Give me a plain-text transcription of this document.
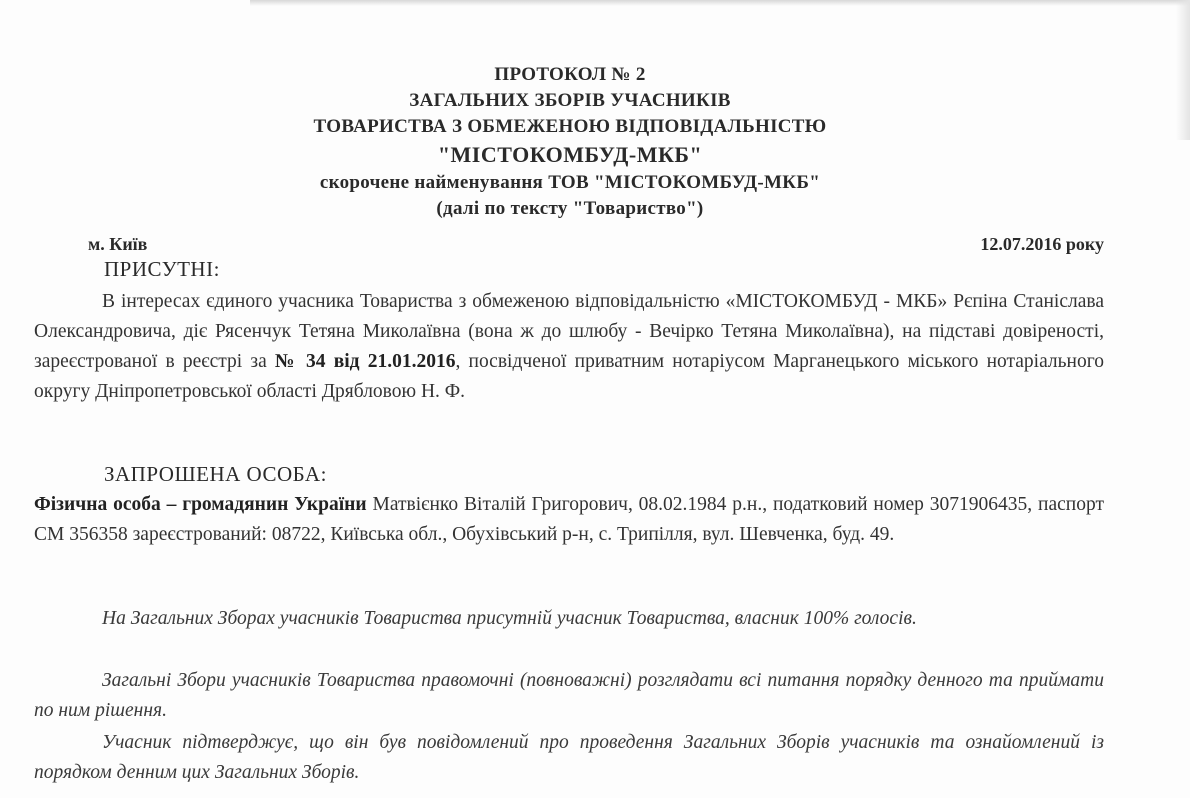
ПРОТОКОЛ № 2
ЗАГАЛЬНИХ ЗБОРІВ УЧАСНИКІВ
ТОВАРИСТВА З ОБМЕЖЕНОЮ ВІДПОВІДАЛЬНІСТЮ
"МІСТОКОМБУД-МКБ"
скорочене найменування ТОВ "МІСТОКОМБУД-МКБ"
(далі по тексту "Товариство")
м. Київ	12.07.2016 року
ПРИСУТНІ:
В інтересах єдиного учасника Товариства з обмеженою відповідальністю «МІСТОКОМБУД - МКБ» Рєпіна Станіслава Олександровича, діє Рясенчук Тетяна Миколаївна (вона ж до шлюбу - Вечірко Тетяна Миколаївна), на підставі довіреності, зареєстрованої в реєстрі за № 34 від 21.01.2016, посвідченої приватним нотаріусом Марганецького міського нотаріального округу Дніпропетровської області Дрябловою Н. Ф.
ЗАПРОШЕНА ОСОБА:
Фізична особа – громадянин України Матвієнко Віталій Григорович, 08.02.1984 р.н., податковий номер 3071906435, паспорт СМ 356358 зареєстрований: 08722, Київська обл., Обухівський р-н, с. Трипілля, вул. Шевченка, буд. 49.
На Загальних Зборах учасників Товариства присутній учасник Товариства, власник 100% голосів.
Загальні Збори учасників Товариства правомочні (повноважні) розглядати всі питання порядку денного та приймати по ним рішення.
Учасник підтверджує, що він був повідомлений про проведення Загальних Зборів учасників та ознайомлений із порядком денним цих Загальних Зборів.
